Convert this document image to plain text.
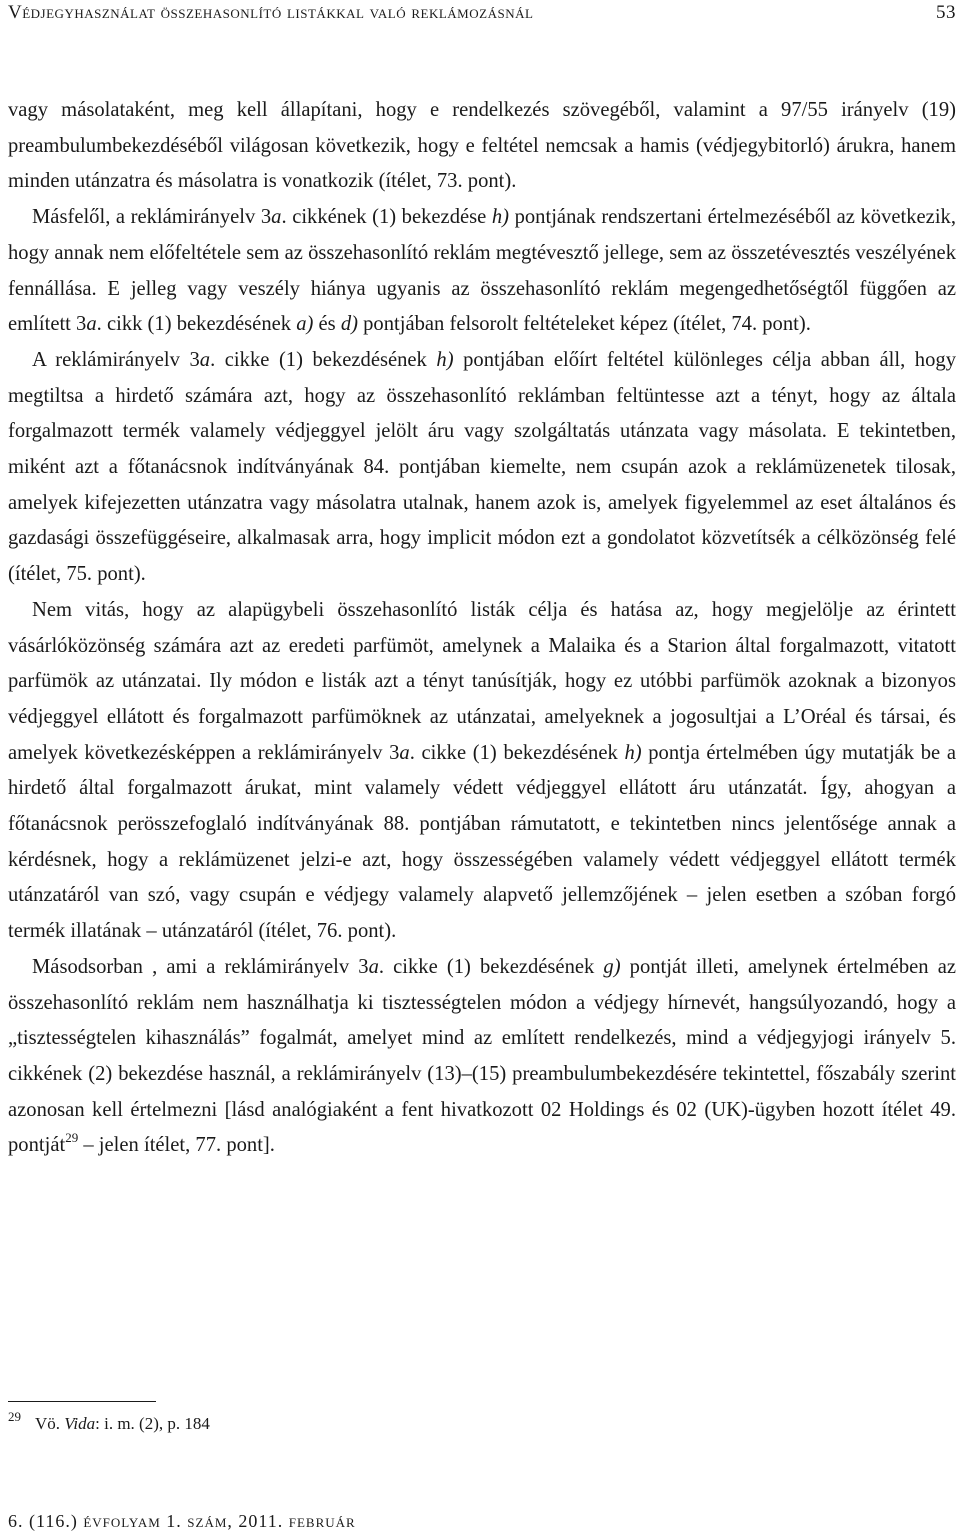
Védjegyhasználat összehasonlító listákkal való reklámozásnál	53

vagy másolataként, meg kell állapítani, hogy e rendelkezés szövegéből, valamint a 97/55 irányelv (19) preambulumbekezdéséből világosan következik, hogy e feltétel nemcsak a hamis (védjegybitorló) árukra, hanem minden utánzatra és másolatra is vonatkozik (ítélet, 73. pont).

Másfelől, a reklámirányelv 3a. cikkének (1) bekezdése h) pontjának rendszertani értelmezéséből az következik, hogy annak nem előfeltétele sem az összehasonlító reklám megtévesztő jellege, sem az összetévesztés veszélyének fennállása. E jelleg vagy veszély hiánya ugyanis az összehasonlító reklám megengedhetőségtől függően az említett 3a. cikk (1) bekezdésének a) és d) pontjában felsorolt feltételeket képez (ítélet, 74. pont).

A reklámirányelv 3a. cikke (1) bekezdésének h) pontjában előírt feltétel különleges célja abban áll, hogy megtiltsa a hirdető számára azt, hogy az összehasonlító reklámban feltüntesse azt a tényt, hogy az általa forgalmazott termék valamely védjeggyel jelölt áru vagy szolgáltatás utánzata vagy másolata. E tekintetben, miként azt a főtanácsnok indítványának 84. pontjában kiemelte, nem csupán azok a reklámüzenetek tilosak, amelyek kifejezetten utánzatra vagy másolatra utalnak, hanem azok is, amelyek figyelemmel az eset általános és gazdasági összefüggéseire, alkalmasak arra, hogy implicit módon ezt a gondolatot közvetítsék a célközönség felé (ítélet, 75. pont).

Nem vitás, hogy az alapügybeli összehasonlító listák célja és hatása az, hogy megjelölje az érintett vásárlóközönség számára azt az eredeti parfümöt, amelynek a Malaika és a Starion által forgalmazott, vitatott parfümök az utánzatai. Ily módon e listák azt a tényt tanúsítják, hogy ez utóbbi parfümök azoknak a bizonyos védjeggyel ellátott és forgalmazott parfümöknek az utánzatai, amelyeknek a jogosultjai a L’Oréal és társai, és amelyek következésképpen a reklámirányelv 3a. cikke (1) bekezdésének h) pontja értelmében úgy mutatják be a hirdető által forgalmazott árukat, mint valamely védett védjeggyel ellátott áru utánzatát. Így, ahogyan a főtanácsnok perösszefoglaló indítványának 88. pontjában rámutatott, e tekintetben nincs jelentősége annak a kérdésnek, hogy a reklámüzenet jelzi-e azt, hogy összességében valamely védett védjeggyel ellátott termék utánzatáról van szó, vagy csupán e védjegy valamely alapvető jellemzőjének – jelen esetben a szóban forgó termék illatának – utánzatáról (ítélet, 76. pont).

Másodsorban , ami a reklámirányelv 3a. cikke (1) bekezdésének g) pontját illeti, amelynek értelmében az összehasonlító reklám nem használhatja ki tisztességtelen módon a védjegy hírnevét, hangsúlyozandó, hogy a „tisztességtelen kihasználás” fogalmát, amelyet mind az említett rendelkezés, mind a védjegyjogi irányelv 5. cikkének (2) bekezdése használ, a reklámirányelv (13)–(15) preambulumbekezdésére tekintettel, főszabály szerint azonosan kell értelmezni [lásd analógiaként a fent hivatkozott 02 Holdings és 02 (UK)-ügyben hozott ítélet 49. pontját$^{29}$ – jelen ítélet, 77. pont].

$^{29}$ Vö. Vida: i. m. (2), p. 184
6. (116.) évfolyam 1. szám, 2011. február
